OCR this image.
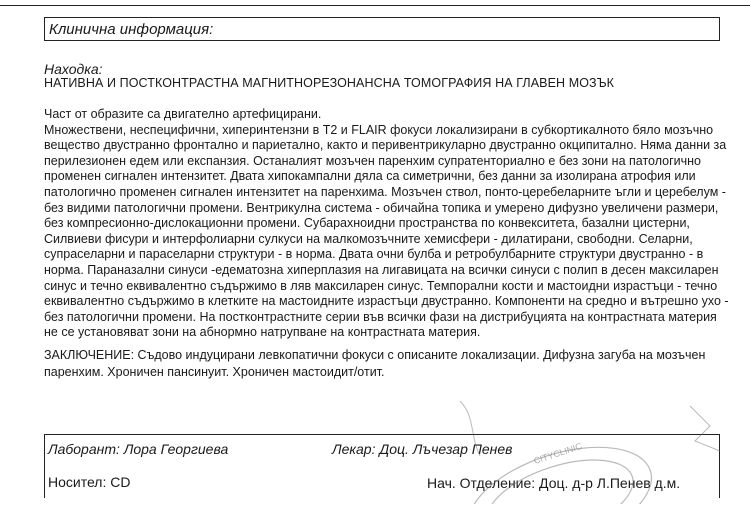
Клинична информация:
Находка:
НАТИВНА И ПОСТКОНТРАСТНА МАГНИТНОРЕЗОНАНСНА ТОМОГРАФИЯ НА ГЛАВЕН МОЗЪК

Част от образите са двигателно артефицирани.

Множествени, неспецифични, хиперинтензни в Т2 и FLAIR фокуси локализирани в субкортикалното бяло мозъчно вещество двустранно фронтално и париетално, както и перивентрикуларно двустранно окципитално. Няма данни за перилезионен едем или експанзия. Останалият мозъчен паренхим супратенториално е без зони на патологично променен сигнален интензитет. Двата хипокампални дяла са симетрични, без данни за изолирана атрофия или патологично променен сигнален интензитет на паренхима. Мозъчен ствол, понто-церебеларните ъгли и церебелум - без видими патологични промени. Вентрикулна система - обичайна топика и умерено дифузно увеличени размери, без компресионно-дислокационни промени. Субарахноидни пространства по конвекситета, базални цистерни, Силвиеви фисури и интерфолиарни сулкуси на малкомозъчните хемисфери - дилатирани, свободни. Селарни, супраселарни и параселарни структури - в норма. Двата очни булба и ретробулбарните структури двустранно - в норма. Параназални синуси -едематозна хиперплазия на лигавицата на всички синуси с полип в десен максиларен синус и течно еквивалентно съдържимо в ляв максиларен синус. Темпорални кости и мастоидни израстъци - течно еквивалентно съдържимо в клетките на мастоидните израстъци двустранно. Компоненти на средно и вътрешно ухо - без патологични промени. На постконтрастните серии във всички фази на дистрибуцията на контрастната материя не се установяват зони на абнормно натрупване на контрастната материя.

ЗАКЛЮЧЕНИЕ: Съдово индуцирани левкопатични фокуси с описаните локализации. Дифузна загуба на мозъчен паренхим. Хроничен пансинуит. Хроничен мастоидит/отит.

Лаборант: Лора Георгиева	Лекар: Доц. Лъчезар Пенев
Носител: CD	Нач. Отделение: Доц. д-р Л.Пенев д.м.
CITYCLINIC
